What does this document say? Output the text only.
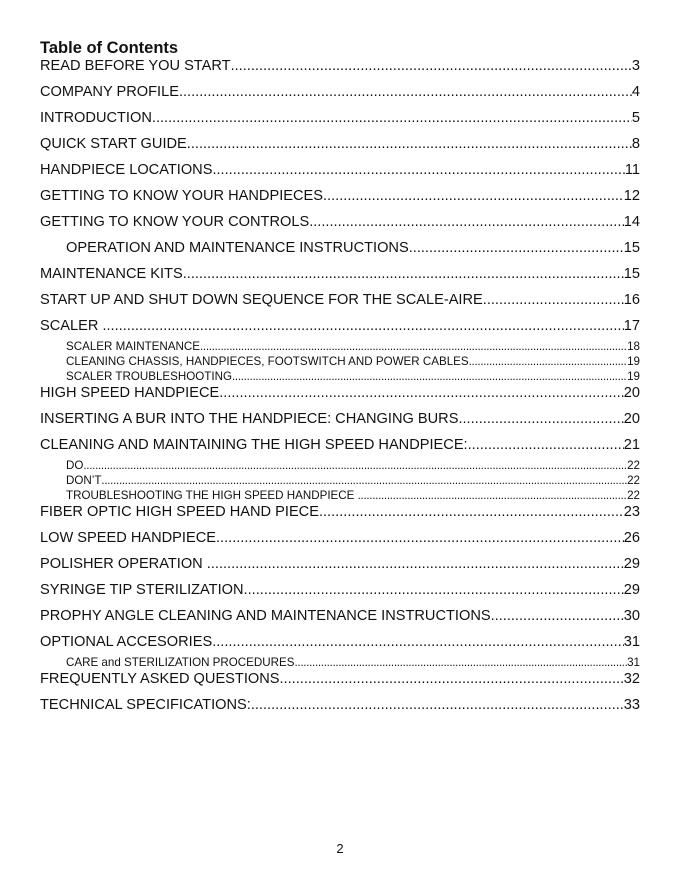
Table of Contents
READ BEFORE YOU START .....	3
COMPANY PROFILE .....	4
INTRODUCTION .....	5
QUICK START GUIDE .....	8
HANDPIECE LOCATIONS .....	11
GETTING TO KNOW YOUR HANDPIECES .....	12
GETTING TO KNOW YOUR CONTROLS .....	14
OPERATION AND MAINTENANCE INSTRUCTIONS .....	15
MAINTENANCE KITS .....	15
START UP AND SHUT DOWN SEQUENCE FOR THE SCALE-AIRE .....	16
SCALER .....	17
SCALER MAINTENANCE .....	18
CLEANING CHASSIS, HANDPIECES, FOOTSWITCH AND POWER CABLES .....	19
SCALER TROUBLESHOOTING .....	19
HIGH SPEED HANDPIECE .....	20
INSERTING A BUR INTO THE HANDPIECE: CHANGING BURS .....	20
CLEANING AND MAINTAINING THE HIGH SPEED HANDPIECE: .....	21
DO .....	22
DON’T .....	22
TROUBLESHOOTING THE HIGH SPEED HANDPIECE .....	22
FIBER OPTIC HIGH SPEED HAND PIECE .....	23
LOW SPEED HANDPIECE .....	26
POLISHER OPERATION .....	29
SYRINGE TIP STERILIZATION .....	29
PROPHY ANGLE CLEANING AND MAINTENANCE INSTRUCTIONS .....	30
OPTIONAL ACCESORIES .....	31
CARE and STERILIZATION PROCEDURES .....	31
FREQUENTLY ASKED QUESTIONS .....	32
TECHNICAL SPECIFICATIONS: .....	33
2
